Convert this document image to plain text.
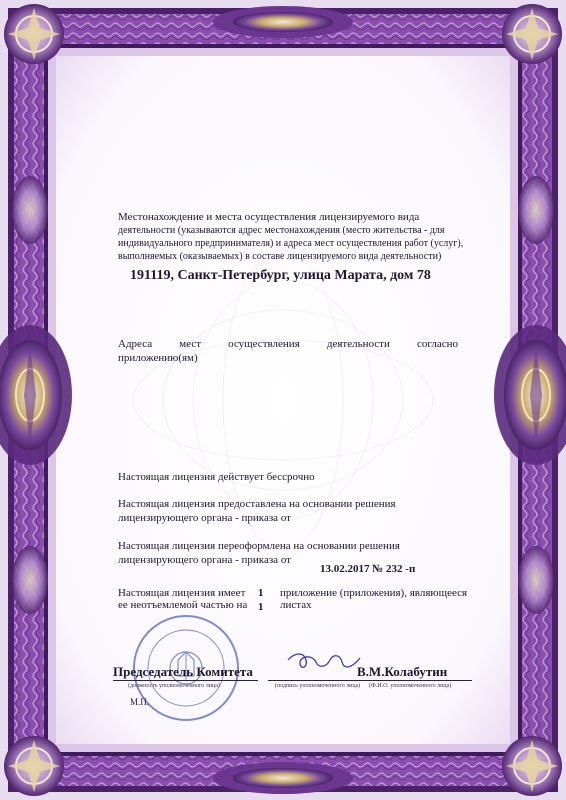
Местонахождение и места осуществления лицензируемого вида
деятельности (указываются адрес местонахождения (место жительства - для
индивидуального предпринимателя) и адреса мест осуществления работ (услуг),
выполняемых (оказываемых) в составе лицензируемого вида деятельности)
191119, Санкт-Петербург, улица Марата, дом 78
Адреса мест осуществления деятельности согласно
приложению(ям)
Настоящая лицензия действует бессрочно
Настоящая лицензия предоставлена на основании решения
лицензирующего органа - приказа от
Настоящая лицензия переоформлена на основании решения
лицензирующего органа - приказа от
13.02.2017 № 232 -п
Настоящая лицензия имеет 1 приложение (приложения), являющееся
ее неотъемлемой частью на 1 листах
Председатель Комитета
(должность уполномоченного лица)	(подпись уполномоченного лица)
В.М.Колабутин
(Ф.И.О. уполномоченного лица)
М.П.
